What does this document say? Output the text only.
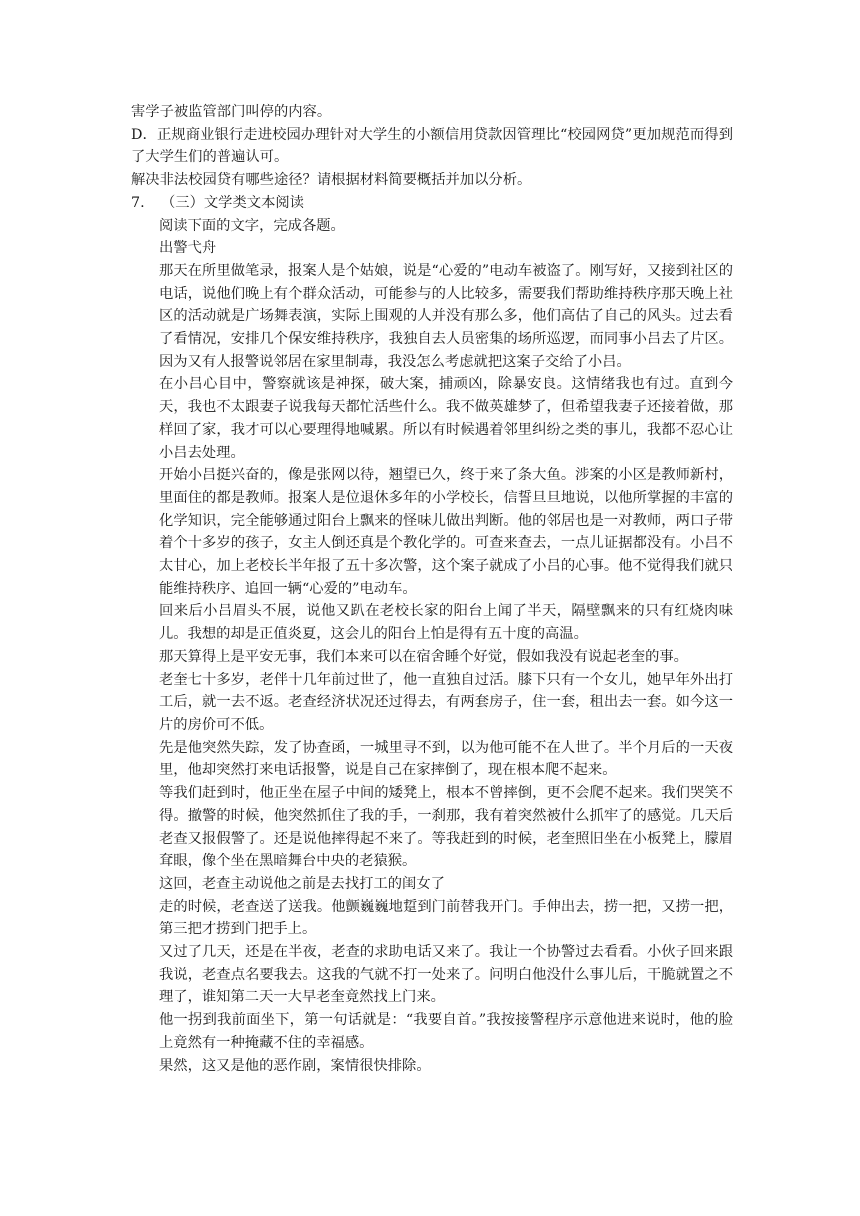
害学子被监管部门叫停的内容。

D．正规商业银行走进校园办理针对大学生的小额信用贷款因管理比“校园网贷”更加规范而得到了大学生们的普遍认可。

解决非法校园贷有哪些途径？请根据材料简要概括并加以分析。

7. （三）文学类文本阅读

阅读下面的文字，完成各题。

出警弋舟

那天在所里做笔录，报案人是个姑娘，说是“心爱的”电动车被盗了。刚写好，又接到社区的电话，说他们晚上有个群众活动，可能参与的人比较多，需要我们帮助维持秩序那天晚上社区的活动就是广场舞表演，实际上围观的人并没有那么多，他们高估了自己的风头。过去看了看情况，安排几个保安维持秩序，我独自去人员密集的场所巡逻，而同事小吕去了片区。因为又有人报警说邻居在家里制毒，我没怎么考虑就把这案子交给了小吕。

在小吕心目中，警察就该是神探，破大案，捕顽凶，除暴安良。这情绪我也有过。直到今天，我也不太跟妻子说我每天都忙活些什么。我不做英雄梦了，但希望我妻子还接着做，那样回了家，我才可以心要理得地喊累。所以有时候遇着邻里纠纷之类的事儿，我都不忍心让小吕去处理。

开始小吕挺兴奋的，像是张网以待，翘望已久，终于来了条大鱼。涉案的小区是教师新村，里面住的都是教师。报案人是位退休多年的小学校长，信誓旦旦地说，以他所掌握的丰富的化学知识，完全能够通过阳台上飘来的怪味儿做出判断。他的邻居也是一对教师，两口子带着个十多岁的孩子，女主人倒还真是个教化学的。可查来查去，一点儿证据都没有。小吕不太甘心，加上老校长半年报了五十多次警，这个案子就成了小吕的心事。他不觉得我们就只能维持秩序、追回一辆“心爱的”电动车。

回来后小吕眉头不展，说他又趴在老校长家的阳台上闻了半天，隔壁飘来的只有红烧肉味儿。我想的却是正值炎夏，这会儿的阳台上怕是得有五十度的高温。

那天算得上是平安无事，我们本来可以在宿舍睡个好觉，假如我没有说起老奎的事。

老奎七十多岁，老伴十几年前过世了，他一直独自过活。膝下只有一个女儿，她早年外出打工后，就一去不返。老查经济状况还过得去，有两套房子，住一套，租出去一套。如今这一片的房价可不低。

先是他突然失踪，发了协查函，一城里寻不到，以为他可能不在人世了。半个月后的一天夜里，他却突然打来电话报警，说是自己在家摔倒了，现在根本爬不起来。

等我们赶到时，他正坐在屋子中间的矮凳上，根本不曾摔倒，更不会爬不起来。我们哭笑不得。撤警的时候，他突然抓住了我的手，一刹那，我有着突然被什么抓牢了的感觉。几天后老查又报假警了。还是说他摔得起不来了。等我赶到的时候，老奎照旧坐在小板凳上，朦眉耷眼，像个坐在黑暗舞台中央的老猿猴。

这回，老查主动说他之前是去找打工的闺女了

走的时候，老查送了送我。他颤巍巍地踅到门前替我开门。手伸出去，捞一把，又捞一把，第三把才捞到门把手上。

又过了几天，还是在半夜，老查的求助电话又来了。我让一个协警过去看看。小伙子回来跟我说，老查点名要我去。这我的气就不打一处来了。问明白他没什么事儿后，干脆就置之不理了，谁知第二天一大早老奎竟然找上门来。

他一拐到我前面坐下，第一句话就是：“我要自首。”我按接警程序示意他进来说时，他的脸上竟然有一种掩藏不住的幸福感。

果然，这又是他的恶作剧，案情很快排除。
